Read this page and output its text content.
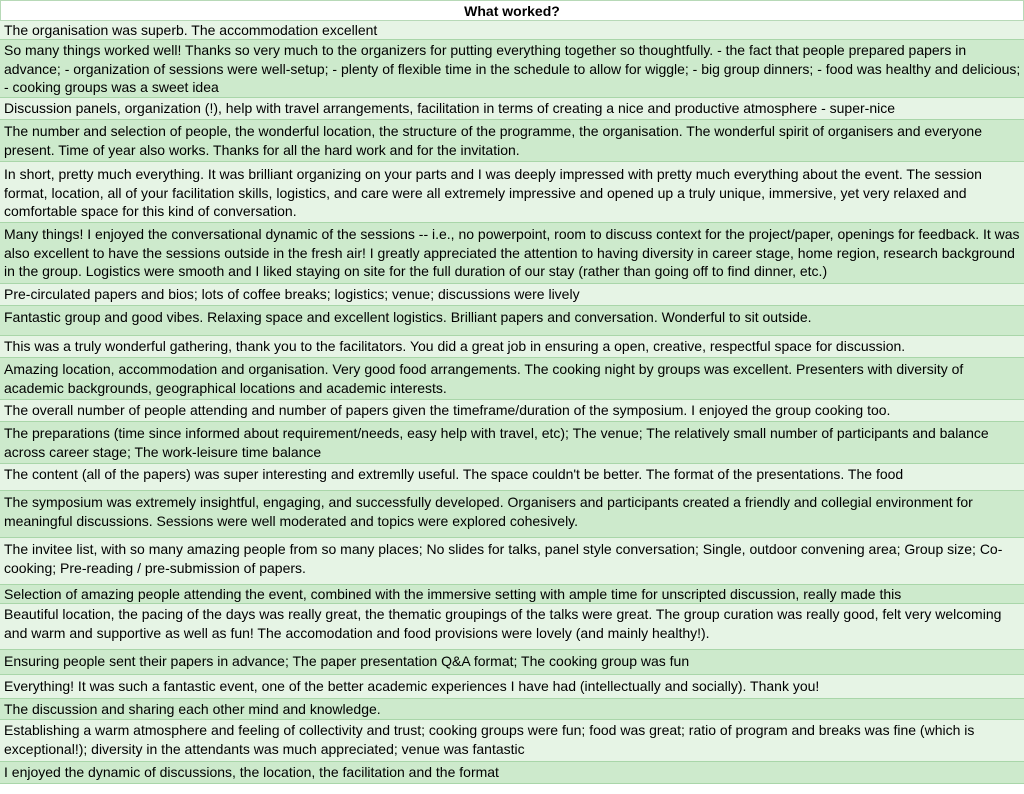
What worked?
The organisation was superb. The accommodation excellent
So many things worked well! Thanks so very much to the organizers for putting everything together so thoughtfully. - the fact that people prepared papers in advance; - organization of sessions were well-setup; - plenty of flexible time in the schedule to allow for wiggle; - big group dinners; - food was healthy and delicious; - cooking groups was a sweet idea
Discussion panels, organization (!), help with travel arrangements, facilitation in terms of creating a nice and productive atmosphere - super-nice
The number and selection of people, the wonderful location, the structure of the programme, the organisation. The wonderful spirit of organisers and everyone present. Time of year also works. Thanks for all the hard work and for the invitation.
In short, pretty much everything. It was brilliant organizing on your parts and I was deeply impressed with pretty much everything about the event. The session format, location, all of your facilitation skills, logistics, and care were all extremely impressive and opened up a truly unique, immersive, yet very relaxed and comfortable space for this kind of conversation.
Many things! I enjoyed the conversational dynamic of the sessions -- i.e., no powerpoint, room to discuss context for the project/paper, openings for feedback. It was also excellent to have the sessions outside in the fresh air! I greatly appreciated the attention to having diversity in career stage, home region, research background in the group. Logistics were smooth and I liked staying on site for the full duration of our stay (rather than going off to find dinner, etc.)
Pre-circulated papers and bios; lots of coffee breaks; logistics; venue; discussions were lively
Fantastic group and good vibes. Relaxing space and excellent logistics. Brilliant papers and conversation. Wonderful to sit outside.
This was a truly wonderful gathering, thank you to the facilitators. You did a great job in ensuring a open, creative, respectful space for discussion.
Amazing location, accommodation and organisation. Very good food arrangements. The cooking night by groups was excellent. Presenters with diversity of academic backgrounds, geographical locations and academic interests.
The overall number of people attending and number of papers given the timeframe/duration of the symposium. I enjoyed the group cooking too.
The preparations (time since informed about requirement/needs, easy help with travel, etc); The venue; The relatively small number of participants and balance across career stage; The work-leisure time balance
The content (all of the papers) was super interesting and extremlly useful. The space couldn't be better. The format of the presentations. The food
The symposium was extremely insightful, engaging, and successfully developed. Organisers and participants created a friendly and collegial environment for meaningful discussions. Sessions were well moderated and topics were explored cohesively.
The invitee list, with so many amazing people from so many places; No slides for talks, panel style conversation; Single, outdoor convening area; Group size; Co-cooking; Pre-reading / pre-submission of papers.
Selection of amazing people attending the event, combined with the immersive setting with ample time for unscripted discussion, really made this
Beautiful location, the pacing of the days was really great, the thematic groupings of the talks were great. The group curation was really good, felt very welcoming and warm and supportive as well as fun! The accomodation and food provisions were lovely (and mainly healthy!).
Ensuring people sent their papers in advance; The paper presentation Q&A format; The cooking group was fun
Everything! It was such a fantastic event, one of the better academic experiences I have had (intellectually and socially). Thank you!
The discussion and sharing each other mind and knowledge.
Establishing a warm atmosphere and feeling of collectivity and trust; cooking groups were fun; food was great; ratio of program and breaks was fine (which is exceptional!); diversity in the attendants was much appreciated; venue was fantastic
I enjoyed the dynamic of discussions, the location, the facilitation and the format
